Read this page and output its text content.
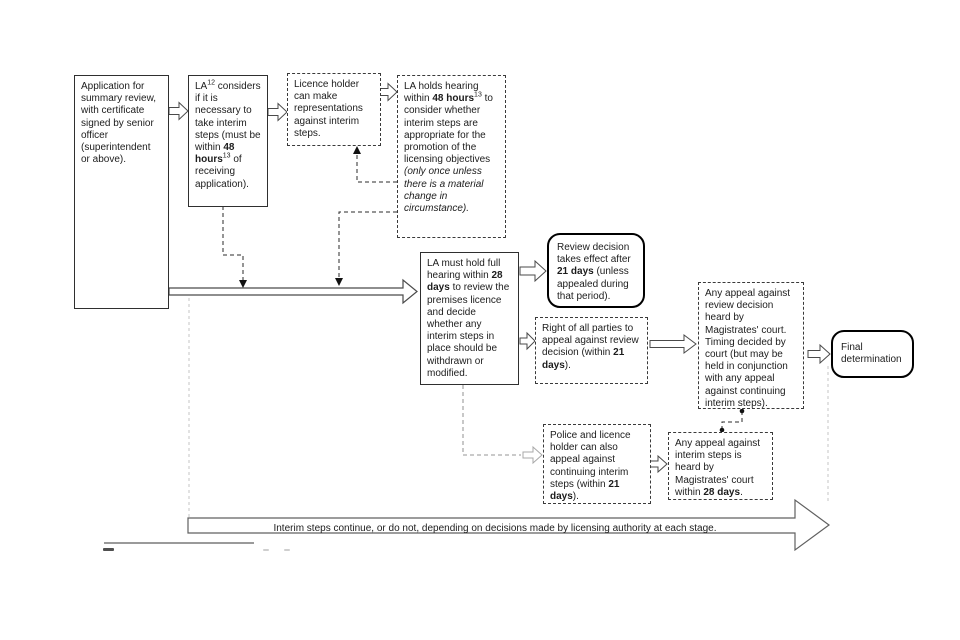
Application for summary review, with certificate signed by senior officer (superintendent or above).
LA$^{12}$ considers if it is necessary to take interim steps (must be within 48 hours$^{13}$ of receiving application).
Licence holder can make representations against interim steps.
LA holds hearing within 48 hours$^{13}$ to consider whether interim steps are appropriate for the promotion of the licensing objectives (only once unless there is a material change in circumstance).
LA must hold full hearing within 28 days to review the premises licence and decide whether any interim steps in place should be withdrawn or modified.
Review decision takes effect after 21 days (unless appealed during that period).
Right of all parties to appeal against review decision (within 21 days).
Any appeal against review decision heard by Magistrates' court. Timing decided by court (but may be held in conjunction with any appeal against continuing interim steps).
Final determination
Police and licence holder can also appeal against continuing interim steps (within 21 days).
Any appeal against interim steps is heard by Magistrates' court within 28 days.
Interim steps continue, or do not, depending on decisions made by licensing authority at each stage.
